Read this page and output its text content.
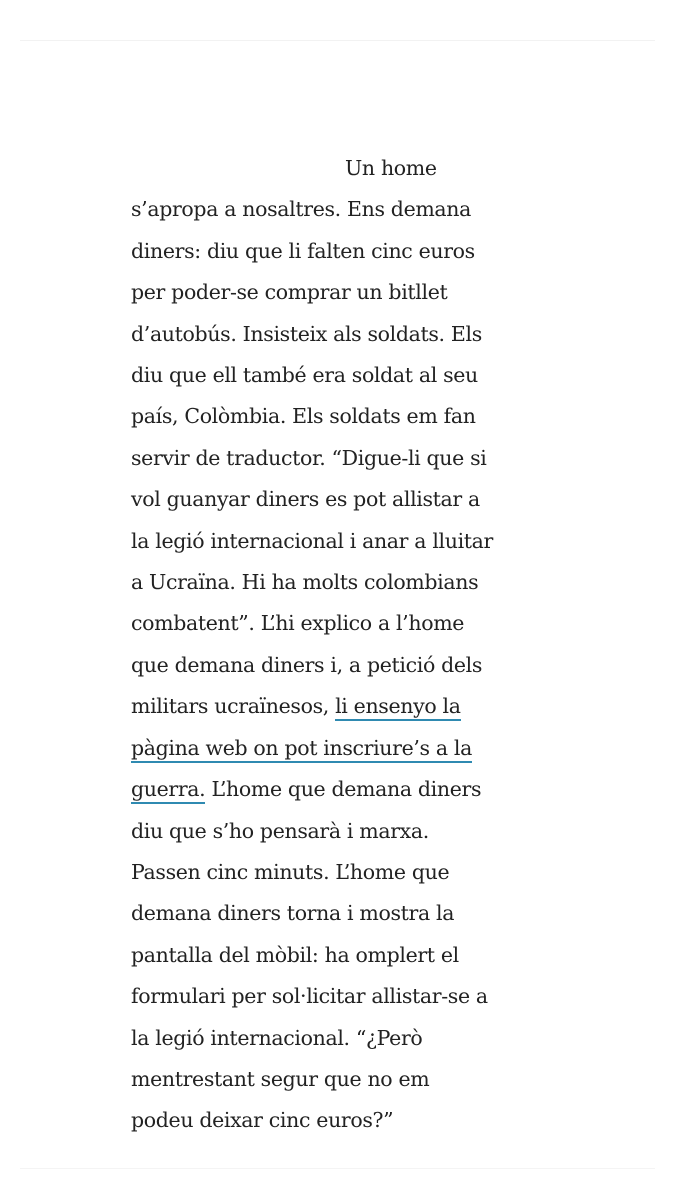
Un home
s’apropa a nosaltres. Ens demana
diners: diu que li falten cinc euros
per poder-se comprar un bitllet
d’autobús. Insisteix als soldats. Els
diu que ell també era soldat al seu
país, Colòmbia. Els soldats em fan
servir de traductor. “Digue-li que si
vol guanyar diners es pot allistar a
la legió internacional i anar a lluitar
a Ucraïna. Hi ha molts colombians
combatent”. L’hi explico a l’home
que demana diners i, a petició dels
militars ucraïnesos, li ensenyo la
pàgina web on pot inscriure’s a la
guerra. L’home que demana diners
diu que s’ho pensarà i marxa.
Passen cinc minuts. L’home que
demana diners torna i mostra la
pantalla del mòbil: ha omplert el
formulari per sol·licitar allistar-se a
la legió internacional. “¿Però
mentrestant segur que no em
podeu deixar cinc euros?”
